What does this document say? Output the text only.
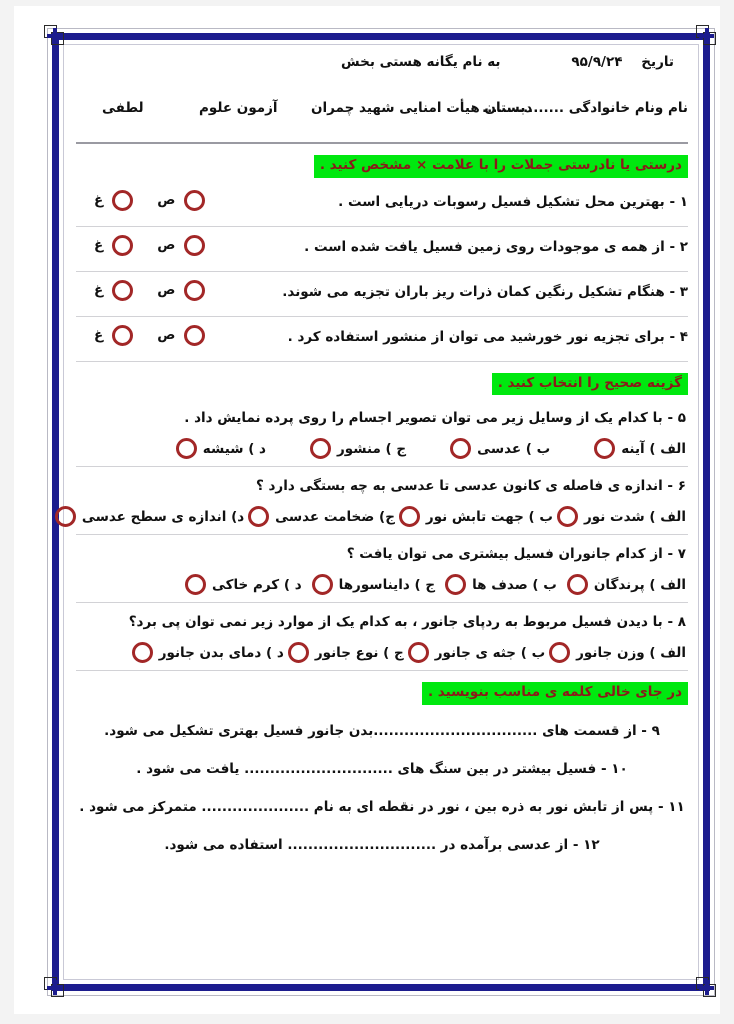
به نام یگانه هستی بخش	تاریخ    ۹۵/۹/۲۴
نام ونام خانوادگی ................
دبستان هیأت امنایی شهید چمران
آزمون علوم
لطفی
درستی یا نادرستی جملات را با علامت × مشخص کنید .
۱ - بهترین محل تشکیل فسیل رسوبات دریایی است .
ص
غ
۲ - از همه ی موجودات روی زمین فسیل یافت شده است .
ص
غ
۳ - هنگام تشکیل رنگین کمان ذرات ریز باران تجزیه می شوند.
ص
غ
۴ - برای تجزیه نور خورشید می توان از منشور استفاده کرد .
ص
غ
گزینه صحیح را انتخاب کنید .
۵ - با کدام یک از وسایل زیر می توان تصویر اجسام را روی پرده نمایش داد .
الف ) آینه
ب ) عدسی
ج ) منشور
د ) شیشه
۶ - اندازه ی فاصله ی کانون عدسی تا عدسی به چه بستگی دارد ؟
الف ) شدت نور
ب ) جهت تابش نور
ج) ضخامت عدسی
د) اندازه ی سطح عدسی
۷ - از کدام جانوران فسیل بیشتری می توان یافت ؟
الف ) پرندگان
ب ) صدف ها
ج ) داینا‌سورها
د ) کرم خاکی
۸ - با دیدن فسیل مربوط به ردپای جانور ، به کدام یک از موارد زیر نمی توان پی برد؟
الف ) وزن جانور
ب ) جثه ی جانور
ج ) نوع جانور
د ) دمای بدن جانور
در جای خالی کلمه ی مناسب بنویسید .
۹ - از قسمت های ................................بدن جانور فسیل بهتری تشکیل می شود.
۱۰ - فسیل بیشتر در بین سنگ های ............................. یافت می شود .
۱۱ - پس از تابش نور به ذره بین ، نور در نقطه ای به نام ..................... متمرکز می شود .
۱۲ - از عدسی برآمده در ............................. استفاده می شود.
